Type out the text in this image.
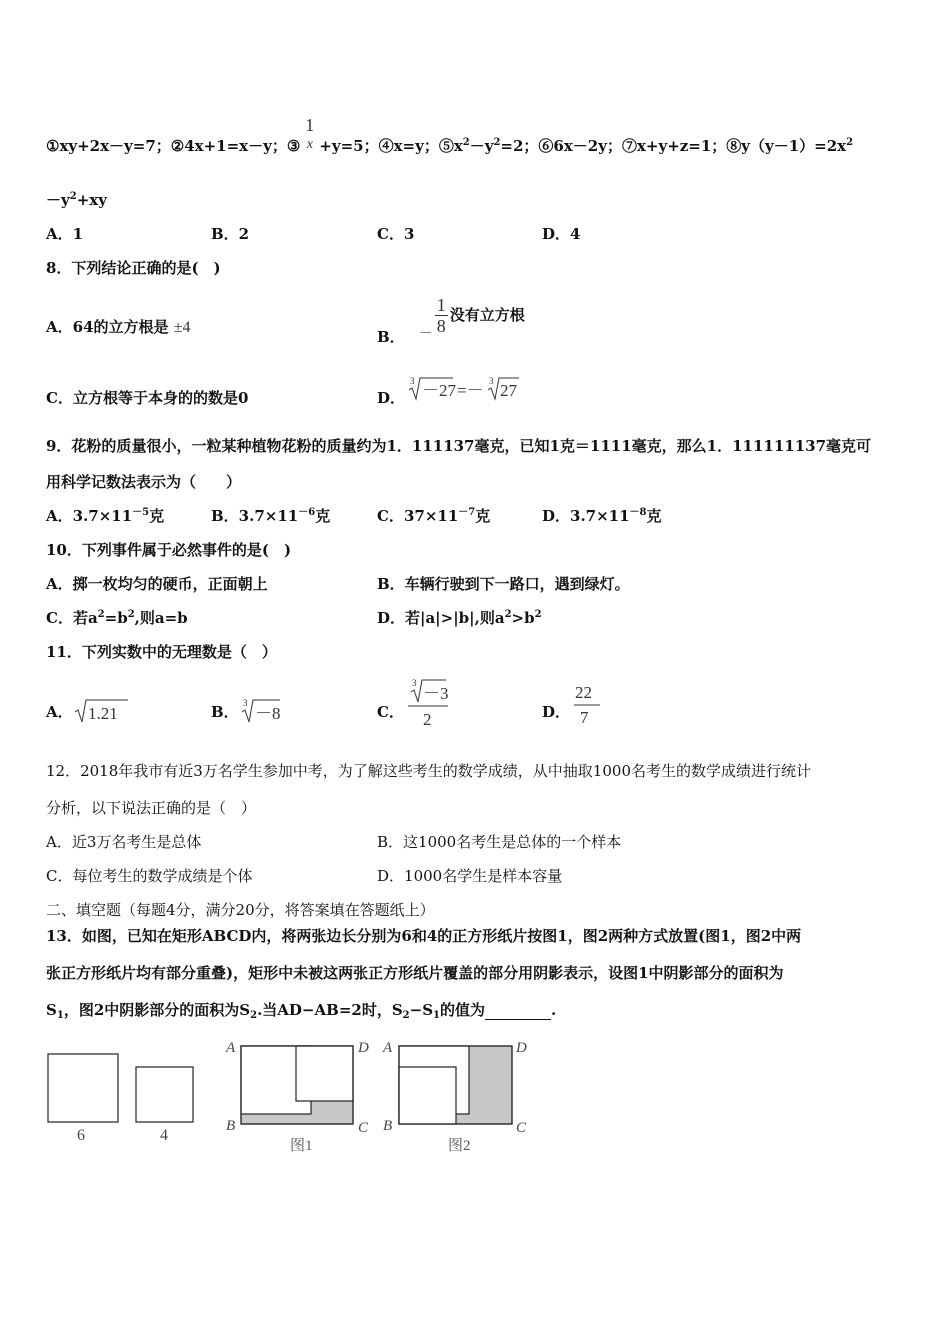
①xy+2x－y=7；②4x+1=x－y；③
1
x +y=5；④x=y；$⑤x^2-y^2=2$；⑥6x－2y；⑦x+y+z=1；$⑧y(y-1)=2x^2$
$-y^2+xy$
A．1	B．2	C．3	D．4
8．下列结论正确的是(　)
A．64的立方根是 ±4	B． － $\frac{1}{8}$ 没有立方根
C．立方根等于本身的的数是0	D．
3 －27 =－ 3 27
9．花粉的质量很小，一粒某种植物花粉的质量约为1．111137毫克，已知1克＝1111毫克，那么1．111111137毫克可
用科学记数法表示为（　　）
A．$3.7\times 11^{-5}$克	B．$3.7\times 11^{-6}$克	C．$37\times 11^{-7}$克	D．$3.7\times 11^{-8}$克
10．下列事件属于必然事件的是(　)
A．掷一枚均匀的硬币，正面朝上	B．车辆行驶到下一路口，遇到绿灯。
C．若$a^2=b^2$,则a=b	D．若|a|>|b|,则$a^2>b^2$
11．下列实数中的无理数是（　）
A． 1.21	B． 3
－8	C．
3
－3
2	D．
22
7
12．2018年我市有近3万名学生参加中考，为了解这些考生的数学成绩，从中抽取1000名考生的数学成绩进行统计
分析，以下说法正确的是（　）
A．近3万名考生是总体	B．这1000名考生是总体的一个样本
C．每位考生的数学成绩是个体	D．1000名学生是样本容量
二、填空题（每题4分，满分20分，将答案填在答题纸上）
13．如图，已知在矩形ABCD内，将两张边长分别为6和4的正方形纸片按图1，图2两种方式放置(图1，图2中两
张正方形纸片均有部分重叠)，矩形中未被这两张正方形纸片覆盖的部分用阴影表示，设图1中阴影部分的面积为
$S_1$，图2中阴影部分的面积为$S_2$.当AD−AB=2时，$S_2-S_1$的值为	.
6	4
A	D
B	C
图1
A	D
B	C
图2
